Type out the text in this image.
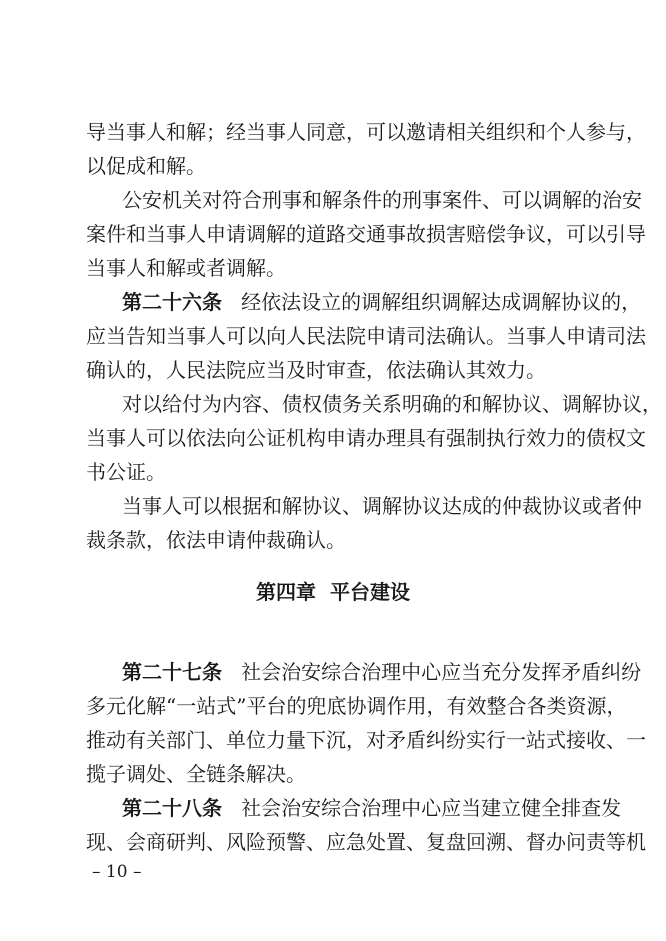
导当事人和解；经当事人同意，可以邀请相关组织和个人参与，
以促成和解。
公安机关对符合刑事和解条件的刑事案件、可以调解的治安
案件和当事人申请调解的道路交通事故损害赔偿争议，可以引导
当事人和解或者调解。
第二十六条 经依法设立的调解组织调解达成调解协议的，
应当告知当事人可以向人民法院申请司法确认。当事人申请司法
确认的，人民法院应当及时审查，依法确认其效力。
对以给付为内容、债权债务关系明确的和解协议、调解协议，
当事人可以依法向公证机构申请办理具有强制执行效力的债权文
书公证。
当事人可以根据和解协议、调解协议达成的仲裁协议或者仲
裁条款，依法申请仲裁确认。
第四章  平台建设
第二十七条 社会治安综合治理中心应当充分发挥矛盾纠纷
多元化解“一站式”平台的兜底协调作用，有效整合各类资源，
推动有关部门、单位力量下沉，对矛盾纠纷实行一站式接收、一
揽子调处、全链条解决。
第二十八条 社会治安综合治理中心应当建立健全排查发
现、会商研判、风险预警、应急处置、复盘回溯、督办问责等机
– 10 –
